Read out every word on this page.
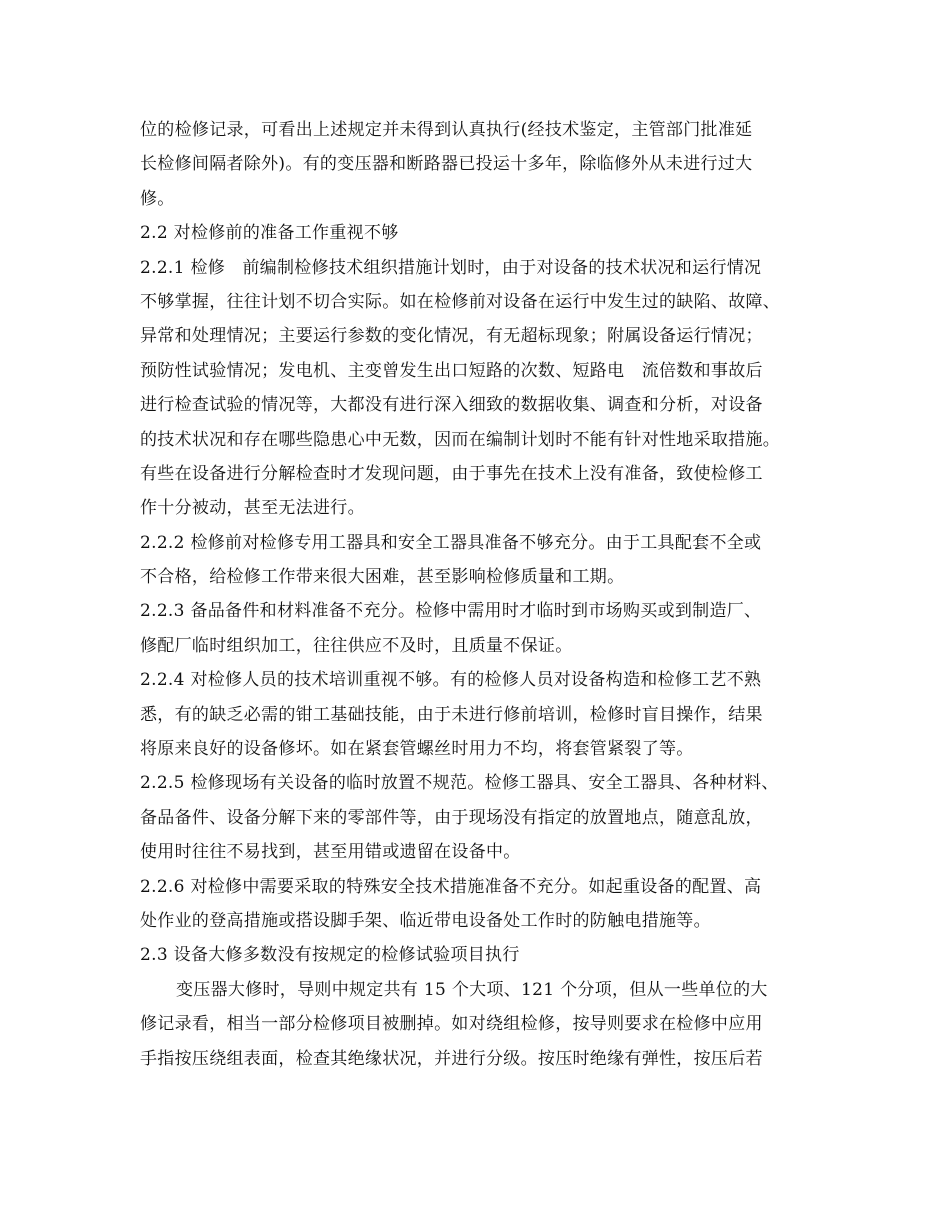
位的检修记录，可看出上述规定并未得到认真执行(经技术鉴定，主管部门批准延
长检修间隔者除外)。有的变压器和断路器已投运十多年，除临修外从未进行过大
修。
2.2 对检修前的准备工作重视不够
2.2.1 检修　前编制检修技术组织措施计划时，由于对设备的技术状况和运行情况
不够掌握，往往计划不切合实际。如在检修前对设备在运行中发生过的缺陷、故障、
异常和处理情况；主要运行参数的变化情况，有无超标现象；附属设备运行情况；
预防性试验情况；发电机、主变曾发生出口短路的次数、短路电　流倍数和事故后
进行检查试验的情况等，大都没有进行深入细致的数据收集、调查和分析，对设备
的技术状况和存在哪些隐患心中无数，因而在编制计划时不能有针对性地采取措施。
有些在设备进行分解检查时才发现问题，由于事先在技术上没有准备，致使检修工
作十分被动，甚至无法进行。
2.2.2 检修前对检修专用工器具和安全工器具准备不够充分。由于工具配套不全或
不合格，给检修工作带来很大困难，甚至影响检修质量和工期。
2.2.3 备品备件和材料准备不充分。检修中需用时才临时到市场购买或到制造厂、
修配厂临时组织加工，往往供应不及时，且质量不保证。
2.2.4 对检修人员的技术培训重视不够。有的检修人员对设备构造和检修工艺不熟
悉，有的缺乏必需的钳工基础技能，由于未进行修前培训，检修时盲目操作，结果
将原来良好的设备修坏。如在紧套管螺丝时用力不均，将套管紧裂了等。
2.2.5 检修现场有关设备的临时放置不规范。检修工器具、安全工器具、各种材料、
备品备件、设备分解下来的零部件等，由于现场没有指定的放置地点，随意乱放，
使用时往往不易找到，甚至用错或遗留在设备中。
2.2.6 对检修中需要采取的特殊安全技术措施准备不充分。如起重设备的配置、高
处作业的登高措施或搭设脚手架、临近带电设备处工作时的防触电措施等。
2.3 设备大修多数没有按规定的检修试验项目执行
变压器大修时，导则中规定共有 15 个大项、121 个分项，但从一些单位的大
修记录看，相当一部分检修项目被删掉。如对绕组检修，按导则要求在检修中应用
手指按压绕组表面，检查其绝缘状况，并进行分级。按压时绝缘有弹性，按压后若
